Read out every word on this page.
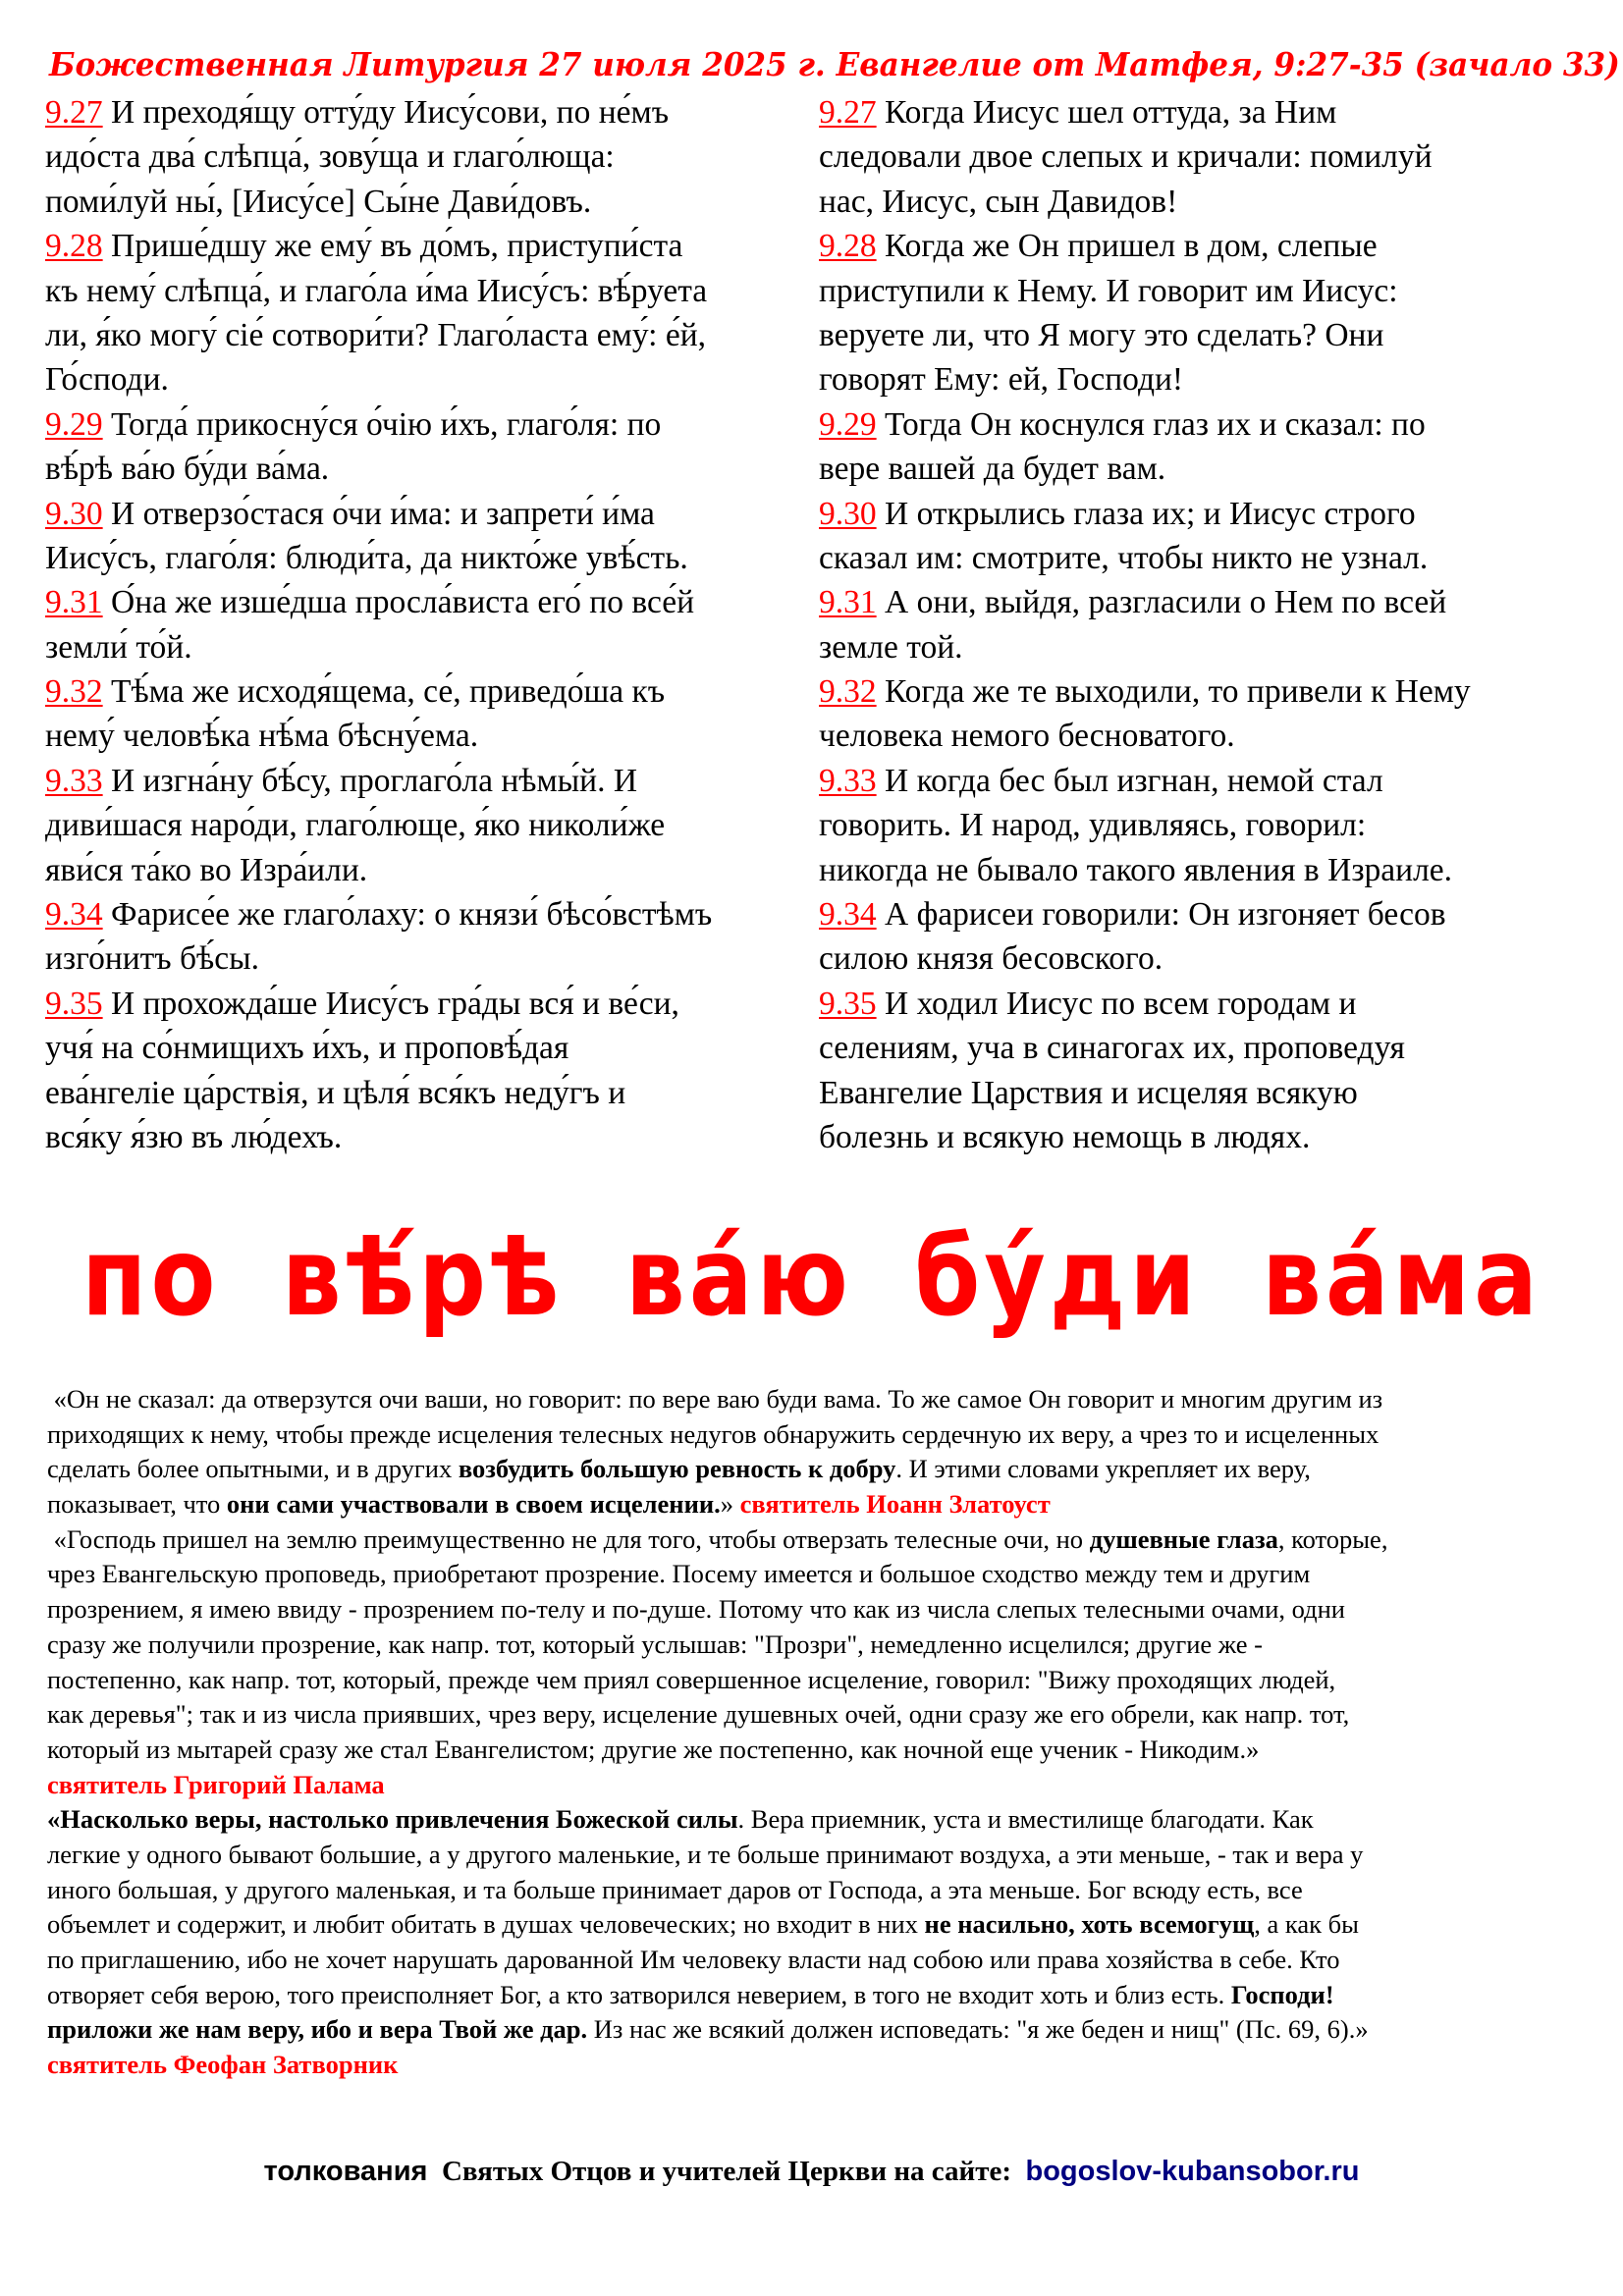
Божественная Литургия 27 июля 2025 г. Евангелие от Матфея, 9:27-35 (зачало 33)
9.27 И преходя́щу отту́ду Иису́сови, по не́мъ
идо́ста два́ слѣпца́, зову́ща и глаго́люща:
поми́луй ны́, [Иису́се] Сы́не Дави́довъ.
9.28 Прише́дшу же ему́ въ до́мъ, приступи́ста
къ нему́ слѣпца́, и глаго́ла и́ма Иису́съ: вѣ́руета
ли, я́ко могу́ сіе́ сотвори́ти? Глаго́ласта ему́: е́й,
Го́споди.
9.29 Тогда́ прикосну́ся о́чію и́хъ, глаго́ля: по
вѣ́рѣ ва́ю бу́ди ва́ма.
9.30 И отверзо́стася о́чи и́ма: и запрети́ и́ма
Иису́съ, глаго́ля: блюди́та, да никто́же увѣ́сть.
9.31 О́на же изше́дша просла́виста его́ по все́й
земли́ то́й.
9.32 Тѣ́ма же исходя́щема, се́, приведо́ша къ
нему́ человѣ́ка нѣ́ма бѣсну́ема.
9.33 И изгна́ну бѣ́су, проглаго́ла нѣмы́й. И
диви́шася наро́ди, глаго́люще, я́ко николи́же
яви́ся та́ко во Изра́или.
9.34 Фарисе́е же глаго́лаху: о князи́ бѣсо́встѣмъ
изго́нитъ бѣ́сы.
9.35 И прохожда́ше Иису́съ гра́ды вся́ и ве́си,
учя́ на со́нмищихъ и́хъ, и проповѣ́дая
ева́нгеліе ца́рствія, и цѣля́ вся́къ неду́гъ и
вся́ку я́зю въ лю́дехъ.
9.27 Когда Иисус шел оттуда, за Ним
следовали двое слепых и кричали: помилуй
нас, Иисус, сын Давидов!
9.28 Когда же Он пришел в дом, слепые
приступили к Нему. И говорит им Иисус:
веруете ли, что Я могу это сделать? Они
говорят Ему: ей, Господи!
9.29 Тогда Он коснулся глаз их и сказал: по
вере вашей да будет вам.
9.30 И открылись глаза их; и Иисус строго
сказал им: смотрите, чтобы никто не узнал.
9.31 А они, выйдя, разгласили о Нем по всей
земле той.
9.32 Когда же те выходили, то привели к Нему
человека немого бесноватого.
9.33 И когда бес был изгнан, немой стал
говорить. И народ, удивляясь, говорил:
никогда не бывало такого явления в Израиле.
9.34 А фарисеи говорили: Он изгоняет бесов
силою князя бесовского.
9.35 И ходил Иисус по всем городам и
селениям, уча в синагогах их, проповедуя
Евангелие Царствия и исцеляя всякую
болезнь и всякую немощь в людях.
по вѣ́рѣ ва́ю бу́ди ва́ма
«Он не сказал: да отверзутся очи ваши, но говорит: по вере ваю буди вама. То же самое Он говорит и многим другим из
приходящих к нему, чтобы прежде исцеления телесных недугов обнаружить сердечную их веру, а чрез то и исцеленных
сделать более опытными, и в других возбудить большую ревность к добру. И этими словами укрепляет их веру,
показывает, что они сами участвовали в своем исцелении.» святитель Иоанн Златоуст
«Господь пришел на землю преимущественно не для того, чтобы отверзать телесные очи, но душевные глаза, которые,
чрез Евангельскую проповедь, приобретают прозрение. Посему имеется и большое сходство между тем и другим
прозрением, я имею ввиду - прозрением по-телу и по-душе. Потому что как из числа слепых телесными очами, одни
сразу же получили прозрение, как напр. тот, который услышав: "Прозри", немедленно исцелился; другие же -
постепенно, как напр. тот, который, прежде чем приял совершенное исцеление, говорил: "Вижу проходящих людей,
как деревья"; так и из числа приявших, чрез веру, исцеление душевных очей, одни сразу же его обрели, как напр. тот,
который из мытарей сразу же стал Евангелистом; другие же постепенно, как ночной еще ученик - Никодим.»
святитель Григорий Палама
«Насколько веры, настолько привлечения Божеской силы. Вера приемник, уста и вместилище благодати. Как
легкие у одного бывают большие, а у другого маленькие, и те больше принимают воздуха, а эти меньше, - так и вера у
иного большая, у другого маленькая, и та больше принимает даров от Господа, а эта меньше. Бог всюду есть, все
объемлет и содержит, и любит обитать в душах человеческих; но входит в них не насильно, хоть всемогущ, а как бы
по приглашению, ибо не хочет нарушать дарованной Им человеку власти над собою или права хозяйства в себе. Кто
отворяет себя верою, того преисполняет Бог, а кто затворился неверием, в того не входит хоть и близ есть. Господи!
приложи же нам веру, ибо и вера Твой же дар. Из нас же всякий должен исповедать: "я же беден и нищ" (Пс. 69, 6).»
святитель Феофан Затворник
толкования  Святых Отцов и учителей Церкви на сайте:  bogoslov-kubansobor.ru
